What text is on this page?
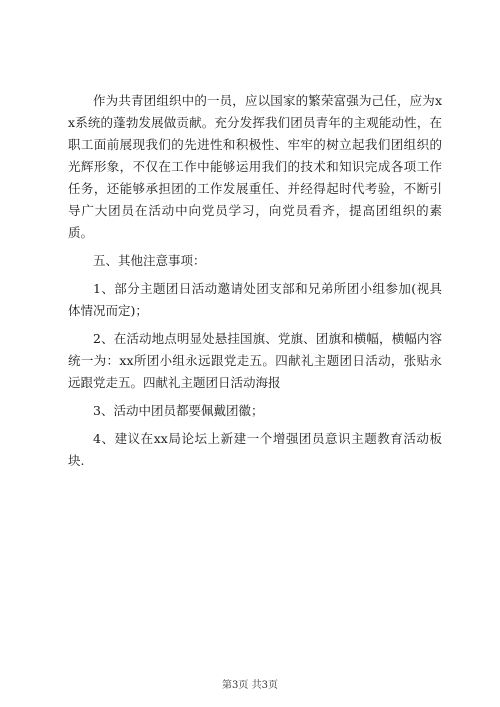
作为共青团组织中的一员，应以国家的繁荣富强为己任，应为xx系统的蓬勃发展做贡献。充分发挥我们团员青年的主观能动性，在职工面前展现我们的先进性和积极性、牢牢的树立起我们团组织的光辉形象，不仅在工作中能够运用我们的技术和知识完成各项工作任务，还能够承担团的工作发展重任、并经得起时代考验，不断引导广大团员在活动中向党员学习，向党员看齐，提高团组织的素质。

五、其他注意事项：

1、部分主题团日活动邀请处团支部和兄弟所团小组参加(视具体情况而定)；

2、在活动地点明显处悬挂国旗、党旗、团旗和横幅，横幅内容统一为：xx所团小组永远跟党走五。四献礼主题团日活动，张贴永远跟党走五。四献礼主题团日活动海报

3、活动中团员都要佩戴团徽；

4、建议在xx局论坛上新建一个增强团员意识主题教育活动板块.

第3页 共3页
